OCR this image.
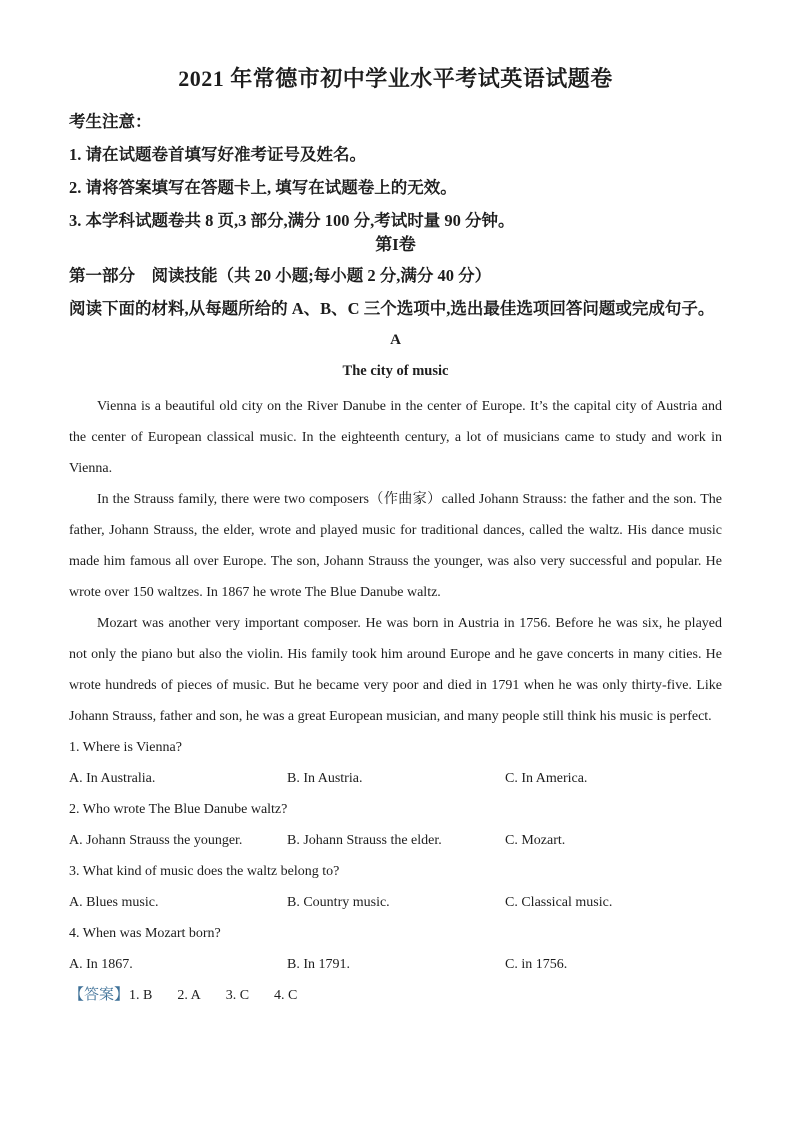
2021 年常德市初中学业水平考试英语试题卷
考生注意：
1. 请在试题卷首填写好准考证号及姓名。
2. 请将答案填写在答题卡上, 填写在试题卷上的无效。
3. 本学科试题卷共 8 页,3 部分,满分 100 分,考试时量 90 分钟。
第I卷
第一部分　阅读技能（共 20 小题;每小题 2 分,满分 40 分）
阅读下面的材料,从每题所给的 A、B、C 三个选项中,选出最佳选项回答问题或完成句子。
A
The city of music
Vienna is a beautiful old city on the River Danube in the center of Europe. It’s the capital city of Austria and
the center of European classical music. In the eighteenth century, a lot of musicians came to study and work in
Vienna.
In the Strauss family, there were two composers（作曲家）called Johann Strauss: the father and the son. The
father, Johann Strauss, the elder, wrote and played music for traditional dances, called the waltz. His dance music
made him famous all over Europe. The son, Johann Strauss the younger, was also very successful and popular. He
wrote over 150 waltzes. In 1867 he wrote The Blue Danube waltz.
Mozart was another very important composer. He was born in Austria in 1756. Before he was six, he played
not only the piano but also the violin. His family took him around Europe and he gave concerts in many cities. He
wrote hundreds of pieces of music. But he became very poor and died in 1791 when he was only thirty-five. Like
Johann Strauss, father and son, he was a great European musician, and many people still think his music is perfect.
1. Where is Vienna?
A. In Australia.	B. In Austria.	C. In America.
2. Who wrote The Blue Danube waltz?
A. Johann Strauss the younger.	B. Johann Strauss the elder.	C. Mozart.
3. What kind of music does the waltz belong to?
A. Blues music.	B. Country music.	C. Classical music.
4. When was Mozart born?
A. In 1867.	B. In 1791.	C. in 1756.
【答案】1. B 2. A 3. C 4. C
